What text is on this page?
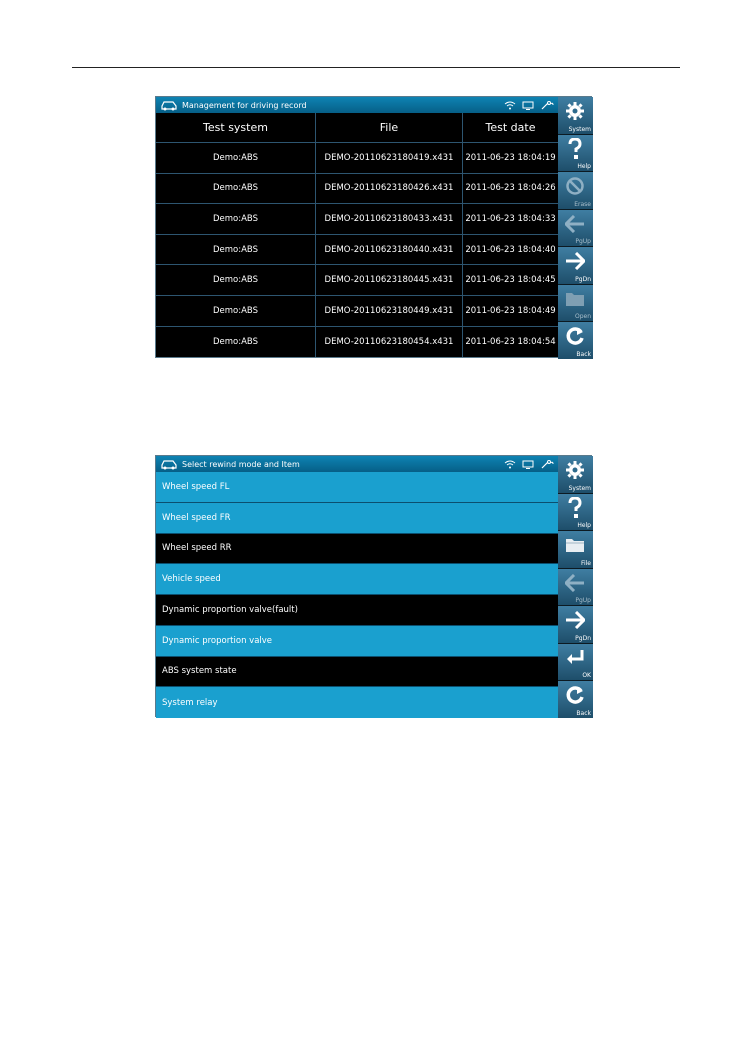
Management for driving record
Test system	File	Test date
Demo:ABS	DEMO-20110623180419.x431	2011-06-23 18:04:19
Demo:ABS	DEMO-20110623180426.x431	2011-06-23 18:04:26
Demo:ABS	DEMO-20110623180433.x431	2011-06-23 18:04:33
Demo:ABS	DEMO-20110623180440.x431	2011-06-23 18:04:40
Demo:ABS	DEMO-20110623180445.x431	2011-06-23 18:04:45
Demo:ABS	DEMO-20110623180449.x431	2011-06-23 18:04:49
Demo:ABS	DEMO-20110623180454.x431	2011-06-23 18:04:54
System
Help
Erase
PgUp
PgDn
Open
Back
Select rewind mode and Item
Wheel speed FL
Wheel speed FR
Wheel speed RR
Vehicle speed
Dynamic proportion valve(fault)
Dynamic proportion valve
ABS system state
System relay
System
Help
File
PgUp
PgDn
OK
Back
